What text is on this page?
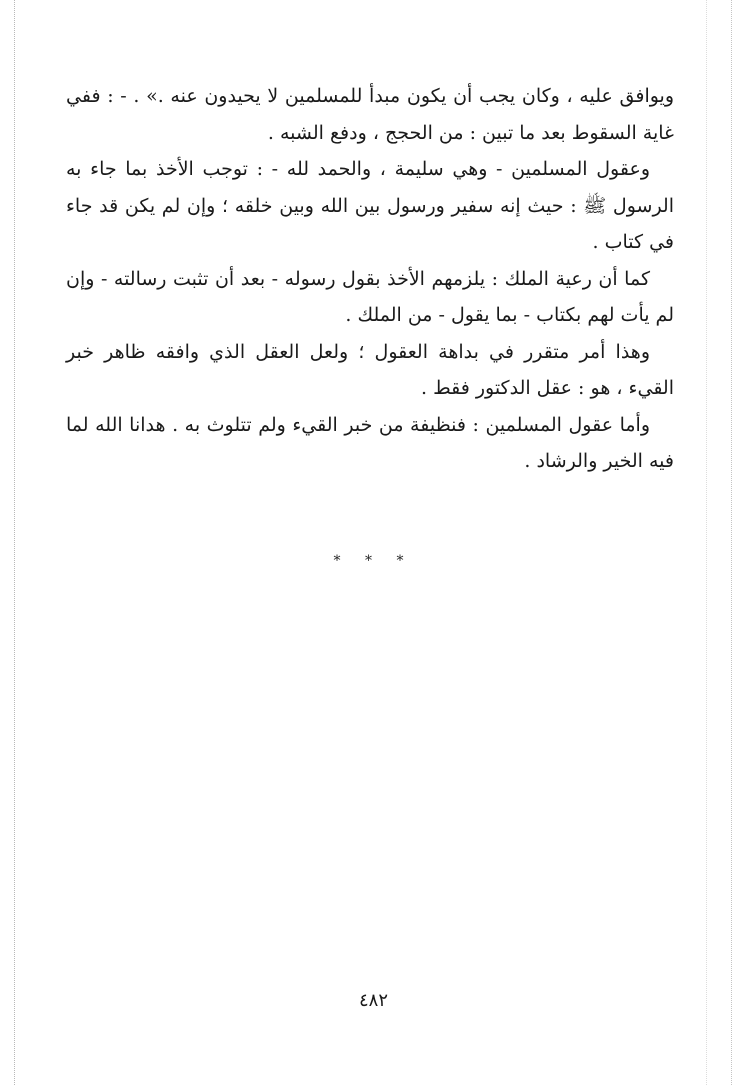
ويوافق عليه ، وكان يجب أن يكون مبدأ للمسلمين لا يحيدون عنه .» . - : ففي غاية السقوط بعد ما تبين : من الحجج ، ودفع الشبه .

وعقول المسلمين - وهي سليمة ، والحمد لله - : توجب الأخذ بما جاء به الرسول ﷺ : حيث إنه سفير ورسول بين الله وبين خلقه ؛ وإن لم يكن قد جاء في كتاب .

كما أن رعية الملك : يلزمهم الأخذ بقول رسوله - بعد أن تثبت رسالته - وإن لم يأت لهم بكتاب - بما يقول - من الملك .

وهذا أمر متقرر في بداهة العقول ؛ ولعل العقل الذي وافقه ظاهر خبر القيء ، هو : عقل الدكتور فقط .

وأما عقول المسلمين : فنظيفة من خبر القيء ولم تتلوث به . هدانا الله لما فيه الخير والرشاد .

* * *
٤٨٢
